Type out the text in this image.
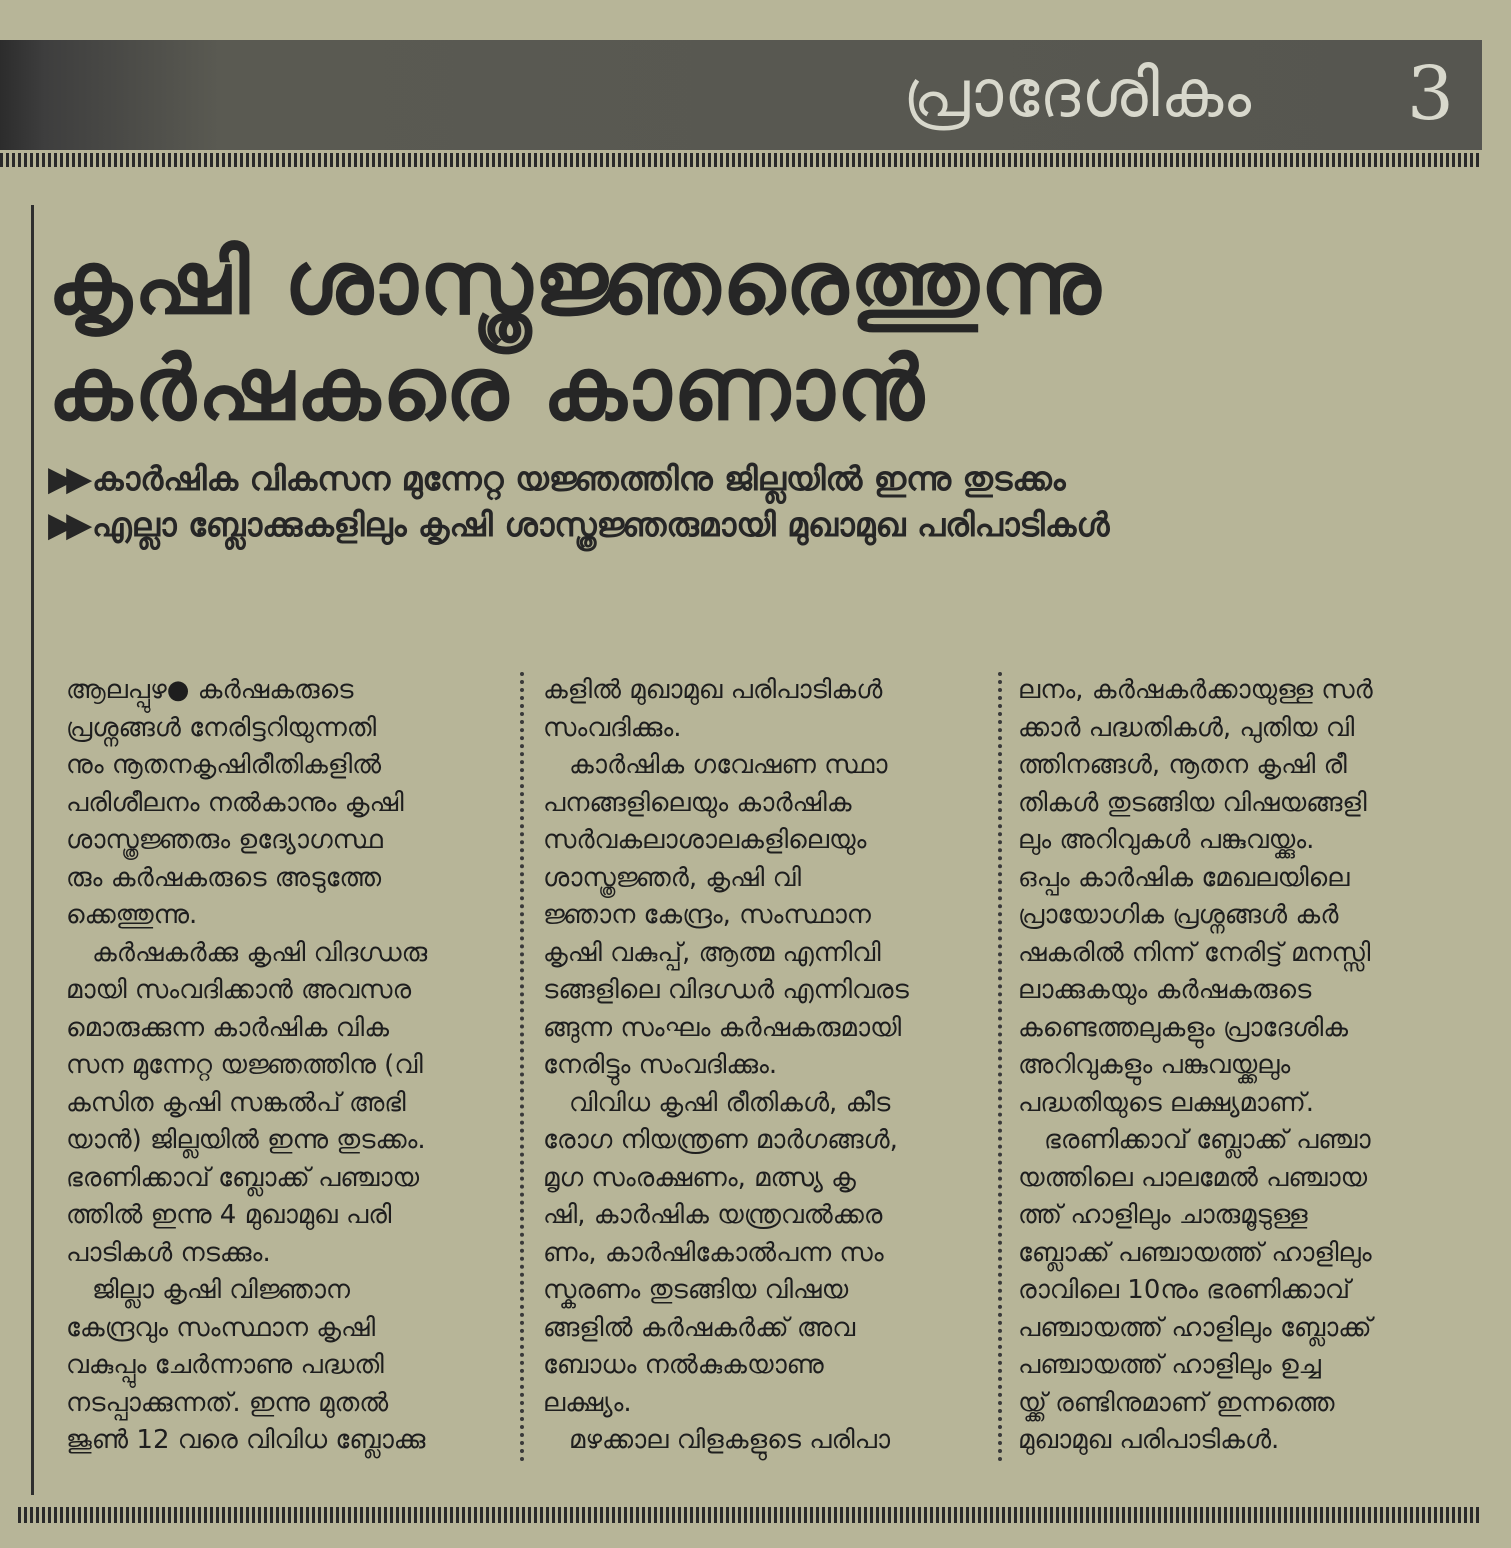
പ്രാദേശികം 3
കൃഷി ശാസ്ത്രജ്ഞരെത്തുന്നു
കർഷകരെ കാണാൻ
▶▶ കാർഷിക വികസന മുന്നേറ്റ യജ്ഞത്തിനു ജില്ലയിൽ ഇന്നു തുടക്കം
▶▶ എല്ലാ ബ്ലോക്കുകളിലും കൃഷി ശാസ്ത്രജ്ഞരുമായി മുഖാമുഖ പരിപാടികൾ

ആലപ്പുഴ● കർഷകരുടെ

പ്രശ്നങ്ങൾ നേരിട്ടറിയുന്നതി

നും നൂതനകൃഷിരീതികളിൽ

പരിശീലനം നൽകാനും കൃഷി

ശാസ്ത്രജ്ഞരും ഉദ്യോഗസ്ഥ

രും കർഷകരുടെ അടുത്തേ

ക്കെത്തുന്നു.

കർഷകർക്കു കൃഷി വിദഗ്ധരു

മായി സംവദിക്കാൻ അവസര

മൊരുക്കുന്ന കാർഷിക വിക

സന മുന്നേറ്റ യജ്ഞത്തിനു (വി

കസിത കൃഷി സങ്കൽപ് അഭി

യാൻ) ജില്ലയിൽ ഇന്നു തുടക്കം.

ഭരണിക്കാവ് ബ്ലോക്ക് പഞ്ചായ

ത്തിൽ ഇന്നു 4 മുഖാമുഖ പരി

പാടികൾ നടക്കും.

ജില്ലാ കൃഷി വിജ്ഞാന

കേന്ദ്രവും സംസ്ഥാന കൃഷി

വകുപ്പും ചേർന്നാണു പദ്ധതി

നടപ്പാക്കുന്നത്. ഇന്നു മുതൽ

ജൂൺ 12 വരെ വിവിധ ബ്ലോക്കു

കളിൽ മുഖാമുഖ പരിപാടികൾ

സംവദിക്കും.

കാർഷിക ഗവേഷണ സ്ഥാ

പനങ്ങളിലെയും കാർഷിക

സർവകലാശാലകളിലെയും

ശാസ്ത്രജ്ഞർ, കൃഷി വി

ജ്ഞാന കേന്ദ്രം, സംസ്ഥാന

കൃഷി വകുപ്പ്, ആത്മ എന്നിവി

ടങ്ങളിലെ വിദഗ്ധർ എന്നിവരട

ങ്ങുന്ന സംഘം കർഷകരുമായി

നേരിട്ടും സംവദിക്കും.

വിവിധ കൃഷി രീതികൾ, കീട

രോഗ നിയന്ത്രണ മാർഗങ്ങൾ,

മൃഗ സംരക്ഷണം, മത്സ്യ കൃ

ഷി, കാർഷിക യന്ത്രവൽക്കര

ണം, കാർഷികോൽപന്ന സം

സ്കരണം തുടങ്ങിയ വിഷയ

ങ്ങളിൽ കർഷകർക്ക് അവ

ബോധം നൽകുകയാണു

ലക്ഷ്യം.

മഴക്കാല വിളകളുടെ പരിപാ

ലനം, കർഷകർക്കായുള്ള സർ

ക്കാർ പദ്ധതികൾ, പുതിയ വി

ത്തിനങ്ങൾ, നൂതന കൃഷി രീ

തികൾ തുടങ്ങിയ വിഷയങ്ങളി

ലും അറിവുകൾ പങ്കുവയ്ക്കും.

ഒപ്പം കാർഷിക മേഖലയിലെ

പ്രായോഗിക പ്രശ്നങ്ങൾ കർ

ഷകരിൽ നിന്ന് നേരിട്ട് മനസ്സി

ലാക്കുകയും കർഷകരുടെ

കണ്ടെത്തലുകളും പ്രാദേശിക

അറിവുകളും പങ്കുവയ്ക്കലും

പദ്ധതിയുടെ ലക്ഷ്യമാണ്.

ഭരണിക്കാവ് ബ്ലോക്ക് പഞ്ചാ

യത്തിലെ പാലമേൽ പഞ്ചായ

ത്ത് ഹാളിലും ചാരുമൂടുള്ള

ബ്ലോക്ക് പഞ്ചായത്ത് ഹാളിലും

രാവിലെ 10നും ഭരണിക്കാവ്

പഞ്ചായത്ത് ഹാളിലും ബ്ലോക്ക്

പഞ്ചായത്ത് ഹാളിലും ഉച്ച

യ്ക്ക് രണ്ടിനുമാണ് ഇന്നത്തെ

മുഖാമുഖ പരിപാടികൾ.
